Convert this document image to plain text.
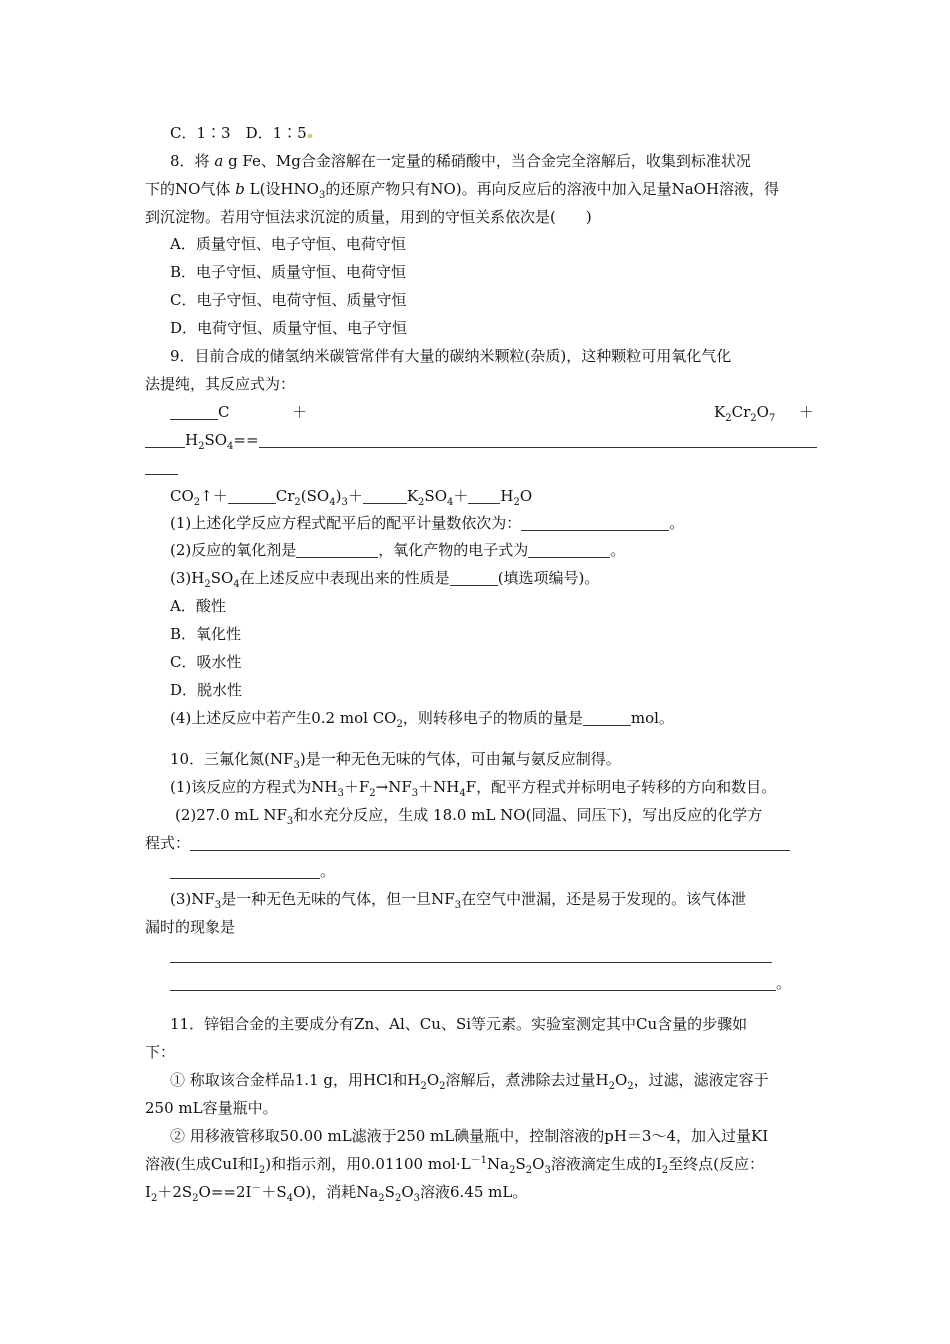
C．1∶3　D．1∶5
8．将 a g Fe、Mg合金溶解在一定量的稀硝酸中，当合金完全溶解后，收集到标准状况
下的NO气体 b L(设$HNO_3$的还原产物只有NO)。再向反应后的溶液中加入足量NaOH溶液，得
到沉淀物。若用守恒法求沉淀的质量，用到的守恒关系依次是(　　)
A．质量守恒、电子守恒、电荷守恒
B．电子守恒、质量守恒、电荷守恒
C．电子守恒、电荷守恒、质量守恒
D．电荷守恒、质量守恒、电子守恒
9．目前合成的储氢纳米碳管常伴有大量的碳纳米颗粒(杂质)，这种颗粒可用氧化气化
法提纯，其反应式为：
C	＋	$K_2Cr_2O_7$ ＋
$H_2SO_4==$
$CO_2↑+$	$Cr_2(SO_4)_3+$	$K_2SO_4+ H_2O$
(1)上述化学反应方程式配平后的配平计量数依次为：	。
(2)反应的氧化剂是	，氧化产物的电子式为	。
$(3)H_2SO_4$在上述反应中表现出来的性质是	(填选项编号)。
A．酸性
B．氧化性
C．吸水性
D．脱水性
(4)上述反应中若产生0.2 mol $CO_2$，则转移电子的物质的量是	mol。
10．三氟化氮$(NF_3)$是一种无色无味的气体，可由氟与氨反应制得。
(1)该反应的方程式为$NH_3+F_2\to NF_3+NH_4F$，配平方程式并标明电子转移的方向和数目。
(2)27.0 mL $NF_3$和水充分反应，生成 18.0 mL NO(同温、同压下)，写出反应的化学方
程式：
。
$(3)NF_3$是一种无色无味的气体，但一旦$NF_3$在空气中泄漏，还是易于发现的。该气体泄
漏时的现象是
。
11．锌铝合金的主要成分有Zn、Al、Cu、Si等元素。实验室测定其中Cu含量的步骤如
下：
① 称取该合金样品1.1 g，用HCl和$H_2O_2$溶解后，煮沸除去过量$H_2O_2$，过滤，滤液定容于
250 mL容量瓶中。
② 用移液管移取50.00 mL滤液于250 mL碘量瓶中，控制溶液的pH＝3～4，加入过量KI
溶液(生成CuI和$I_2$)和指示剂，用0.01100 $mol\cdot L^{-1}Na_2S_2O_3$溶液滴定生成的$I_2$至终点(反应：
$I_2+2S_2O==2I^-+S_4O$)，消耗$Na_2S_2O_3$溶液6.45 mL。
